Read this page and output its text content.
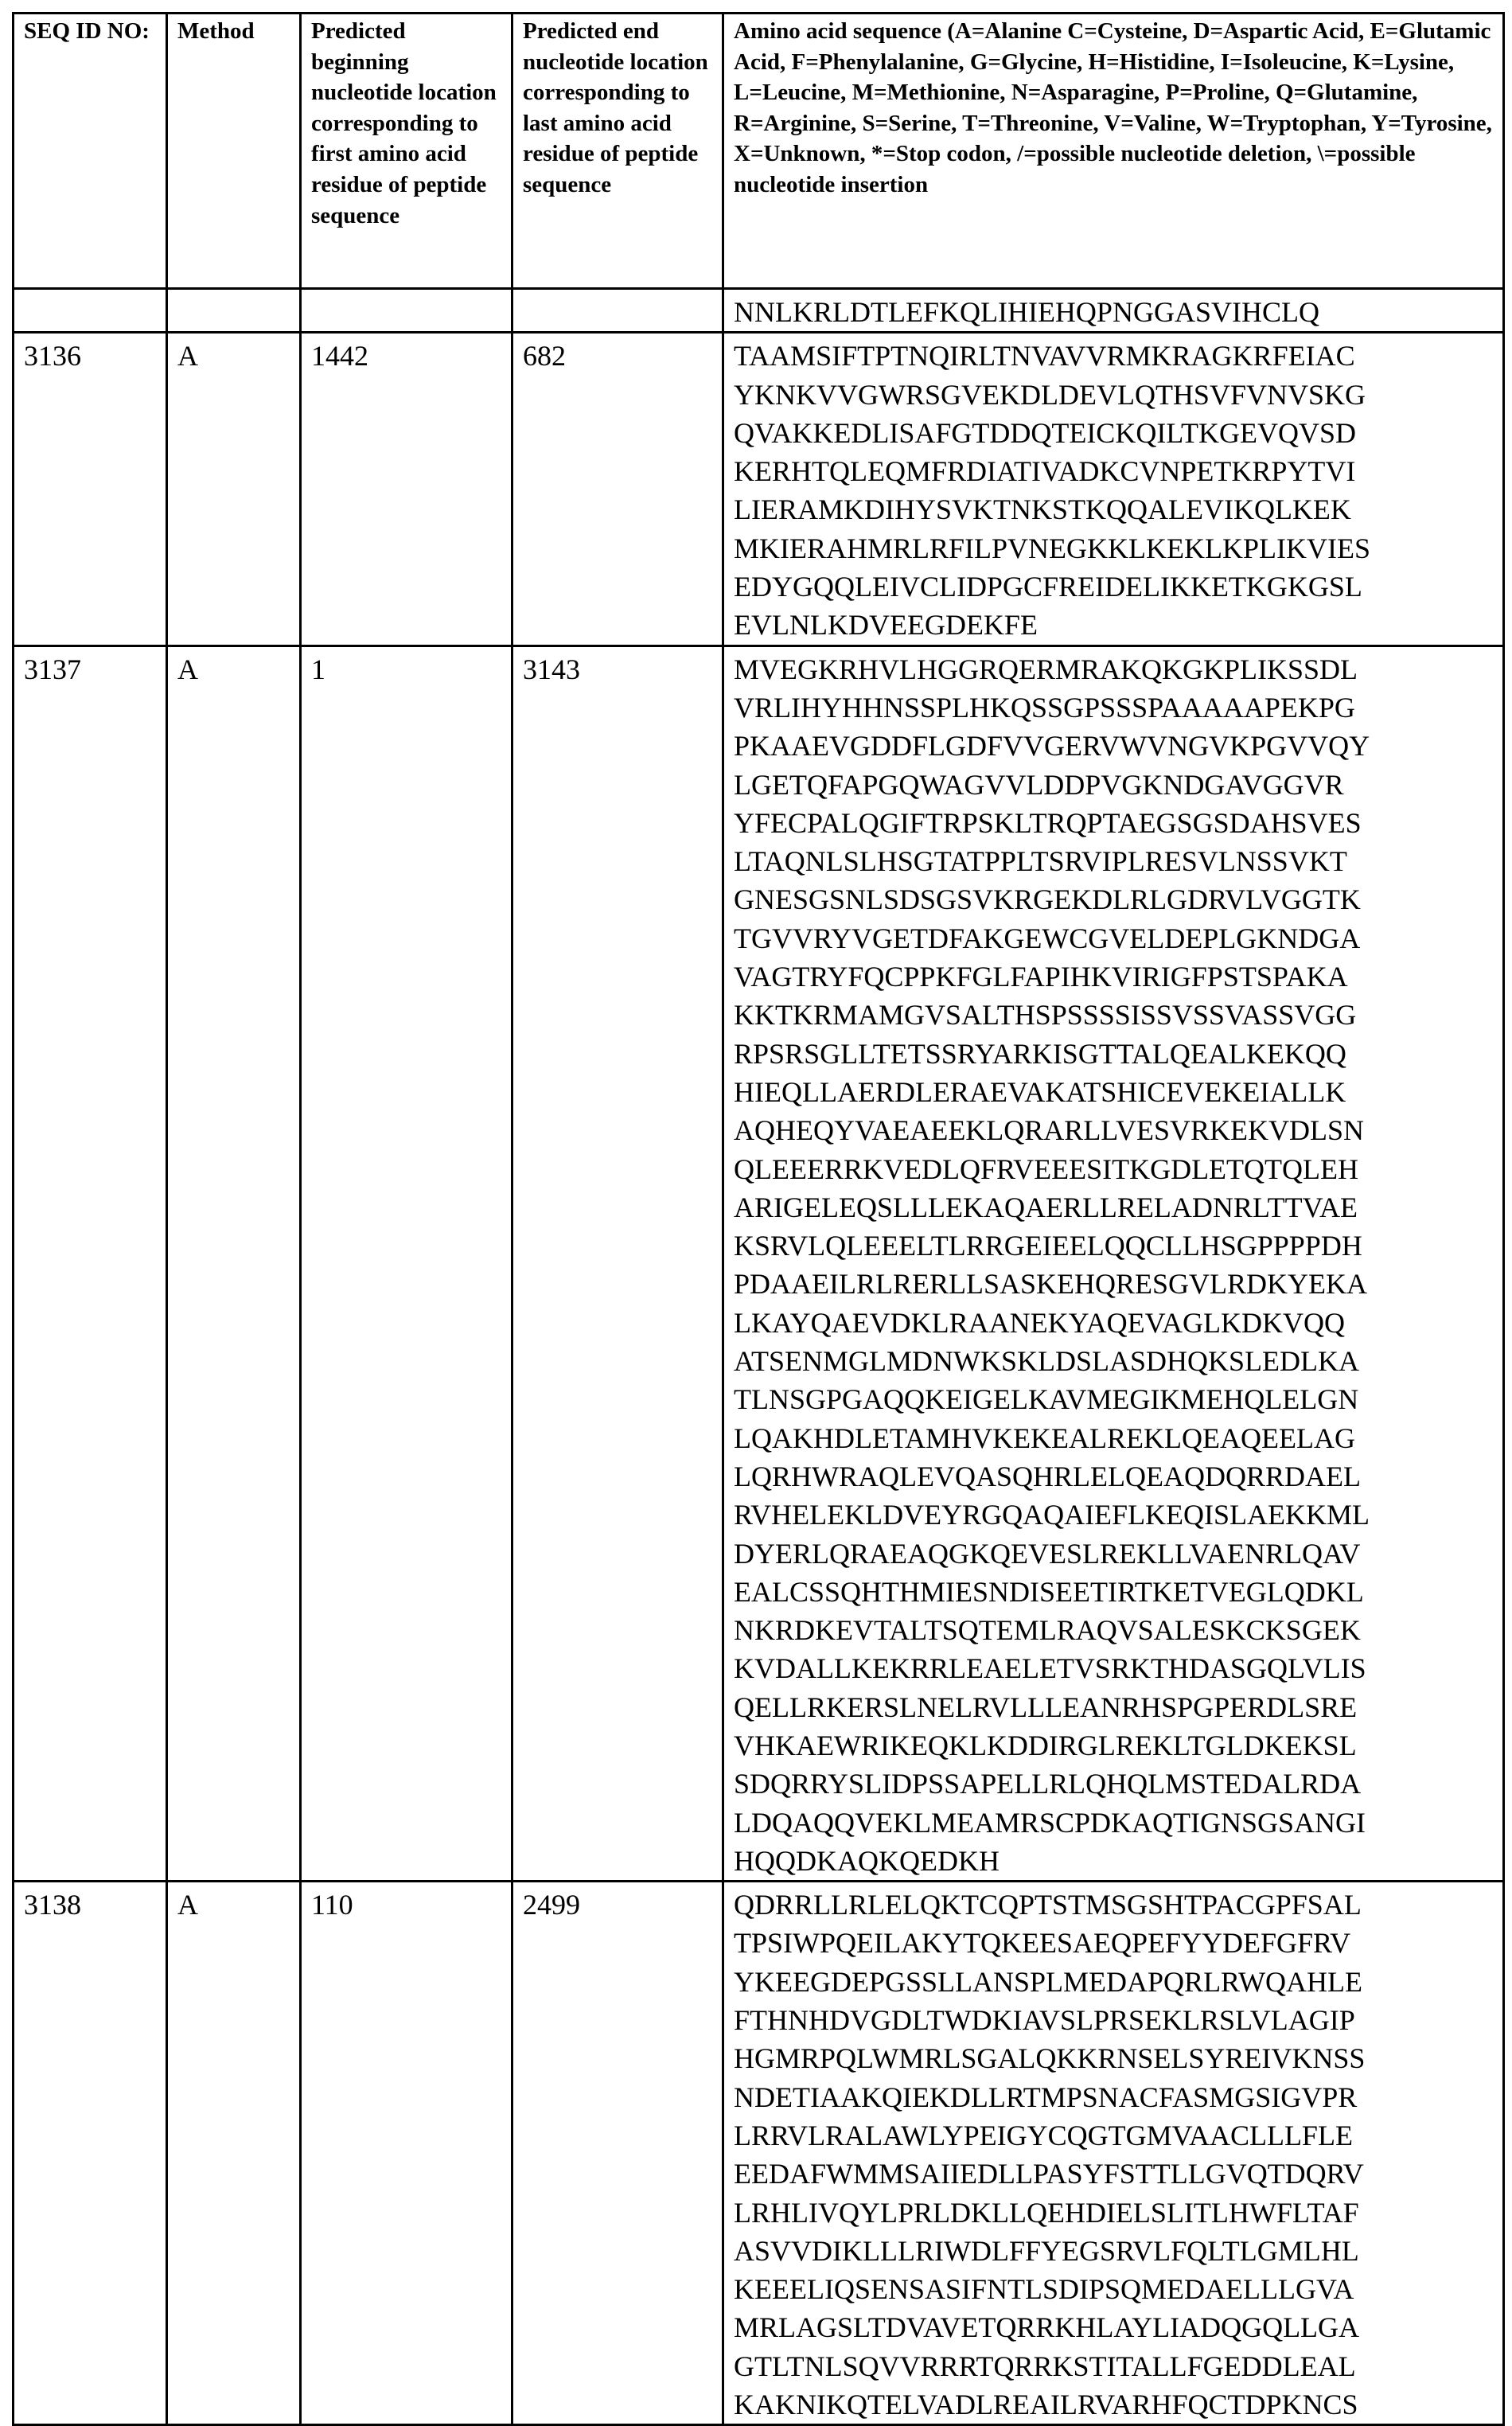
SEQ ID NO:	Method	Predicted beginning nucleotide location corresponding to first amino acid residue of peptide sequence	Predicted end nucleotide location corresponding to last amino acid residue of peptide sequence	Amino acid sequence (A=Alanine C=Cysteine, D=Aspartic Acid, E=Glutamic Acid, F=Phenylalanine, G=Glycine, H=Histidine, I=Isoleucine, K=Lysine, L=Leucine, M=Methionine, N=Asparagine, P=Proline, Q=Glutamine, R=Arginine, S=Serine, T=Threonine, V=Valine, W=Tryptophan, Y=Tyrosine, X=Unknown, *=Stop codon, /=possible nucleotide deletion, \=possible nucleotide insertion

NNLKRLDTLEFKQLIHIEHQPNGGASVIHCLQ

3136	A	1442	682	TAAMSIFTPTNQIRLTNVAVVRMKRAGKRFEIAC
YKNKVVGWRSGVEKDLDEVLQTHSVFVNVSKG
QVAKKEDLISAFGTDDQTEICKQILTKGEVQVSD
KERHTQLEQMFRDIATIVADKCVNPETKRPYTVI
LIERAMKDIHYSVKTNKSTKQQALEVIKQLKEK
MKIERAHMRLRFILPVNEGKKLKEKLKPLIKVIES
EDYGQQLEIVCLIDPGCFREIDELIKKETKGKGSL
EVLNLKDVEEGDEKFE

3137	A	1	3143	MVEGKRHVLHGGRQERMRAKQKGKPLIKSSDL
VRLIHYHHNSSPLHKQSSGPSSSPAAAAAPEKPG
PKAAEVGDDFLGDFVVGERVWVNGVKPGVVQY
LGETQFAPGQWAGVVLDDPVGKNDGAVGGVR
YFECPALQGIFTRPSKLTRQPTAEGSGSDAHSVES
LTAQNLSLHSGTATPPLTSRVIPLRESVLNSSVKT
GNESGSNLSDSGSVKRGEKDLRLGDRVLVGGTK
TGVVRYVGETDFAKGEWCGVELDEPLGKNDGA
VAGTRYFQCPPKFGLFAPIHKVIRIGFPSTSPAKA
KKTKRMAMGVSALTHSPSSSSISSVSSVASSVGG
RPSRSGLLTETSSRYARKISGTTALQEALKEKQQ
HIEQLLAERDLERAEVAKATSHICEVEKEIALLK
AQHEQYVAEAEEKLQRARLLVESVRKEKVDLSN
QLEEERRKVEDLQFRVEEESITKGDLETQTQLEH
ARIGELEQSLLLEKAQAERLLRELADNRLTTVAE
KSRVLQLEEELTLRRGEIEELQQCLLHSGPPPPDH
PDAAEILRLRERLLSASKEHQRESGVLRDKYEKA
LKAYQAEVDKLRAANEKYAQEVAGLKDKVQQ
ATSENMGLMDNWKSKLDSLASDHQKSLEDLKA
TLNSGPGAQQKEIGELKAVMEGIKMEHQLELGN
LQAKHDLETAMHVKEKEALREKLQEAQEELAG
LQRHWRAQLEVQASQHRLELQEAQDQRRDAEL
RVHELEKLDVEYRGQAQAIEFLKEQISLAEKKML
DYERLQRAEAQGKQEVESLREKLLVAENRLQAV
EALCSSQHTHMIESNDISEETIRTKETVEGLQDKL
NKRDKEVTALTSQTEMLRAQVSALESKCKSGEK
KVDALLKEKRRLEAELETVSRKTHDASGQLVLIS
QELLRKERSLNELRVLLLEANRHSPGPERDLSRE
VHKAEWRIKEQKLKDDIRGLREKLTGLDKEKSL
SDQRRYSLIDPSSAPELLRLQHQLMSTEDALRDA
LDQAQQVEKLMEAMRSCPDKAQTIGNSGSANGI
HQQDKAQKQEDKH

3138	A	110	2499	QDRRLLRLELQKTCQPTSTMSGSHTPACGPFSAL
TPSIWPQEILAKYTQKEESAEQPEFYYDEFGFRV
YKEEGDEPGSSLLANSPLMEDAPQRLRWQAHLE
FTHNHDVGDLTWDKIAVSLPRSEKLRSLVLAGIP
HGMRPQLWMRLSGALQKKRNSELSYREIVKNSS
NDETIAAKQIEKDLLRTMPSNACFASMGSIGVPR
LRRVLRALAWLYPEIGYCQGTGMVAACLLLFLE
EEDAFWMMSAIIEDLLPASYFSTTLLGVQTDQRV
LRHLIVQYLPRLDKLLQEHDIELSLITLHWFLTAF
ASVVDIKLLLRIWDLFFYEGSRVLFQLTLGMLHL
KEEELIQSENSASIFNTLSDIPSQMEDAELLLGVA
MRLAGSLTDVAVETQRRKHLAYLIADQGQLLGA
GTLTNLSQVVRRRTQRRKSTITALLFGEDDLEAL
KAKNIKQTELVADLREAILRVARHFQCTDPKNCS
